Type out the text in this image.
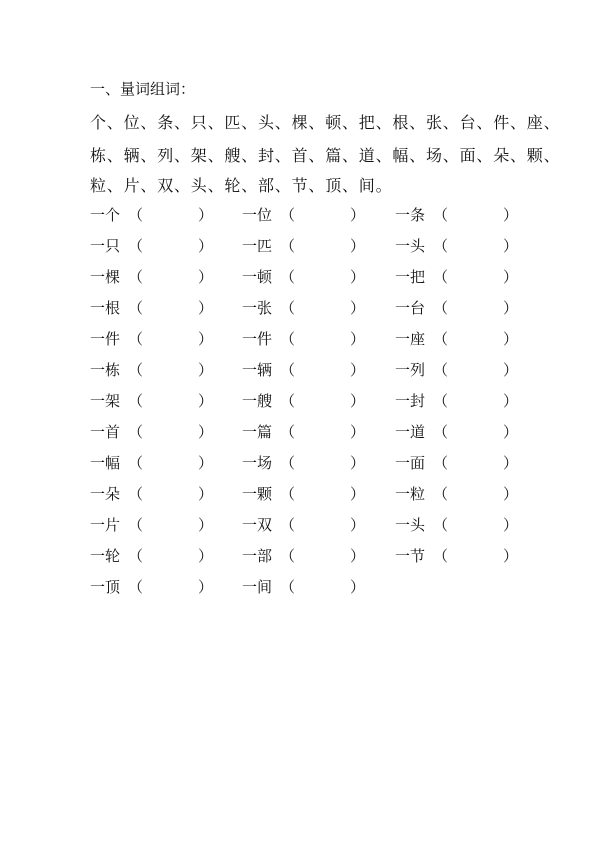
一、量词组词：
个、位、条、只、匹、头、棵、顿、把、根、张、台、件、座、
栋、辆、列、架、艘、封、首、篇、道、幅、场、面、朵、颗、
粒、片、双、头、轮、部、节、顶、间。
一个 （	） 一位 （	） 一条 （	）
一只 （	） 一匹 （	） 一头 （	）
一棵 （	） 一顿 （	） 一把 （	）
一根 （	） 一张 （	） 一台 （	）
一件 （	） 一件 （	） 一座 （	）
一栋 （	） 一辆 （	） 一列 （	）
一架 （	） 一艘 （	） 一封 （	）
一首 （	） 一篇 （	） 一道 （	）
一幅 （	） 一场 （	） 一面 （	）
一朵 （	） 一颗 （	） 一粒 （	）
一片 （	） 一双 （	） 一头 （	）
一轮 （	） 一部 （	） 一节 （	）
一顶 （	） 一间 （	）
